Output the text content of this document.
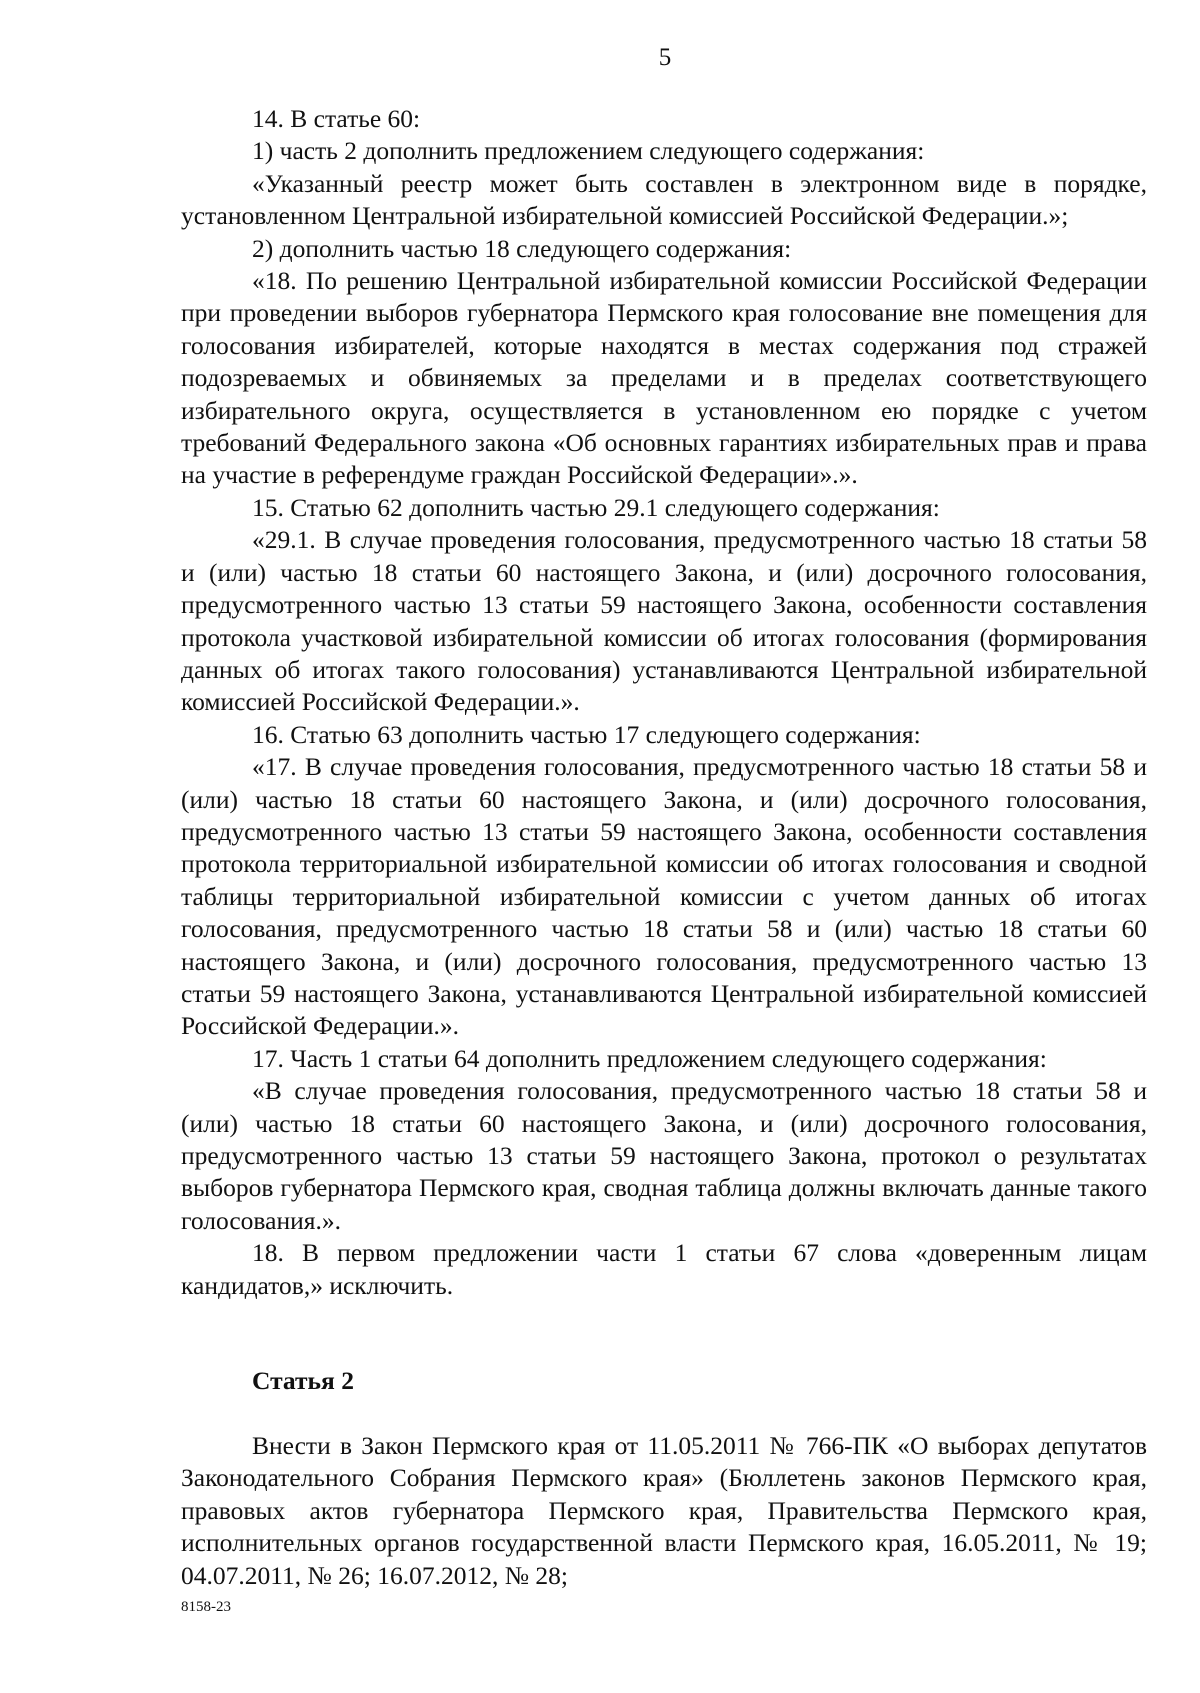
5

14. В статье 60:

1) часть 2 дополнить предложением следующего содержания:

«Указанный реестр может быть составлен в электронном виде в порядке, установленном Центральной избирательной комиссией Российской Федерации.»;

2) дополнить частью 18 следующего содержания:

«18. По решению Центральной избирательной комиссии Российской Федерации при проведении выборов губернатора Пермского края голосование вне помещения для голосования избирателей, которые находятся в местах содержания под стражей подозреваемых и обвиняемых за пределами и в пределах соответствующего избирательного округа, осуществляется в установленном ею порядке с учетом требований Федерального закона «Об основных гарантиях избирательных прав и права на участие в референдуме граждан Российской Федерации».».

15. Статью 62 дополнить частью 29.1 следующего содержания:

«29.1. В случае проведения голосования, предусмотренного частью 18 статьи 58 и (или) частью 18 статьи 60 настоящего Закона, и (или) досрочного голосования, предусмотренного частью 13 статьи 59 настоящего Закона, особенности составления протокола участковой избирательной комиссии об итогах голосования (формирования данных об итогах такого голосования) устанавливаются Центральной избирательной комиссией Российской Федерации.».

16. Статью 63 дополнить частью 17 следующего содержания:

«17. В случае проведения голосования, предусмотренного частью 18 статьи 58 и (или) частью 18 статьи 60 настоящего Закона, и (или) досрочного голосования, предусмотренного частью 13 статьи 59 настоящего Закона, особенности составления протокола территориальной избирательной комиссии об итогах голосования и сводной таблицы территориальной избирательной комиссии с учетом данных об итогах голосования, предусмотренного частью 18 статьи 58 и (или) частью 18 статьи 60 настоящего Закона, и (или) досрочного голосования, предусмотренного частью 13 статьи 59 настоящего Закона, устанавливаются Центральной избирательной комиссией Российской Федерации.».

17. Часть 1 статьи 64 дополнить предложением следующего содержания:

«В случае проведения голосования, предусмотренного частью 18 статьи 58 и (или) частью 18 статьи 60 настоящего Закона, и (или) досрочного голосования, предусмотренного частью 13 статьи 59 настоящего Закона, протокол о результатах выборов губернатора Пермского края, сводная таблица должны включать данные такого голосования.».

18. В первом предложении части 1 статьи 67 слова «доверенным лицам кандидатов,» исключить.

Статья 2

Внести в Закон Пермского края от 11.05.2011 № 766-ПК «О выборах депутатов Законодательного Собрания Пермского края» (Бюллетень законов Пермского края, правовых актов губернатора Пермского края, Правительства Пермского края, исполнительных органов государственной власти Пермского края, 16.05.2011, № 19; 04.07.2011, № 26; 16.07.2012, № 28;

8158-23
